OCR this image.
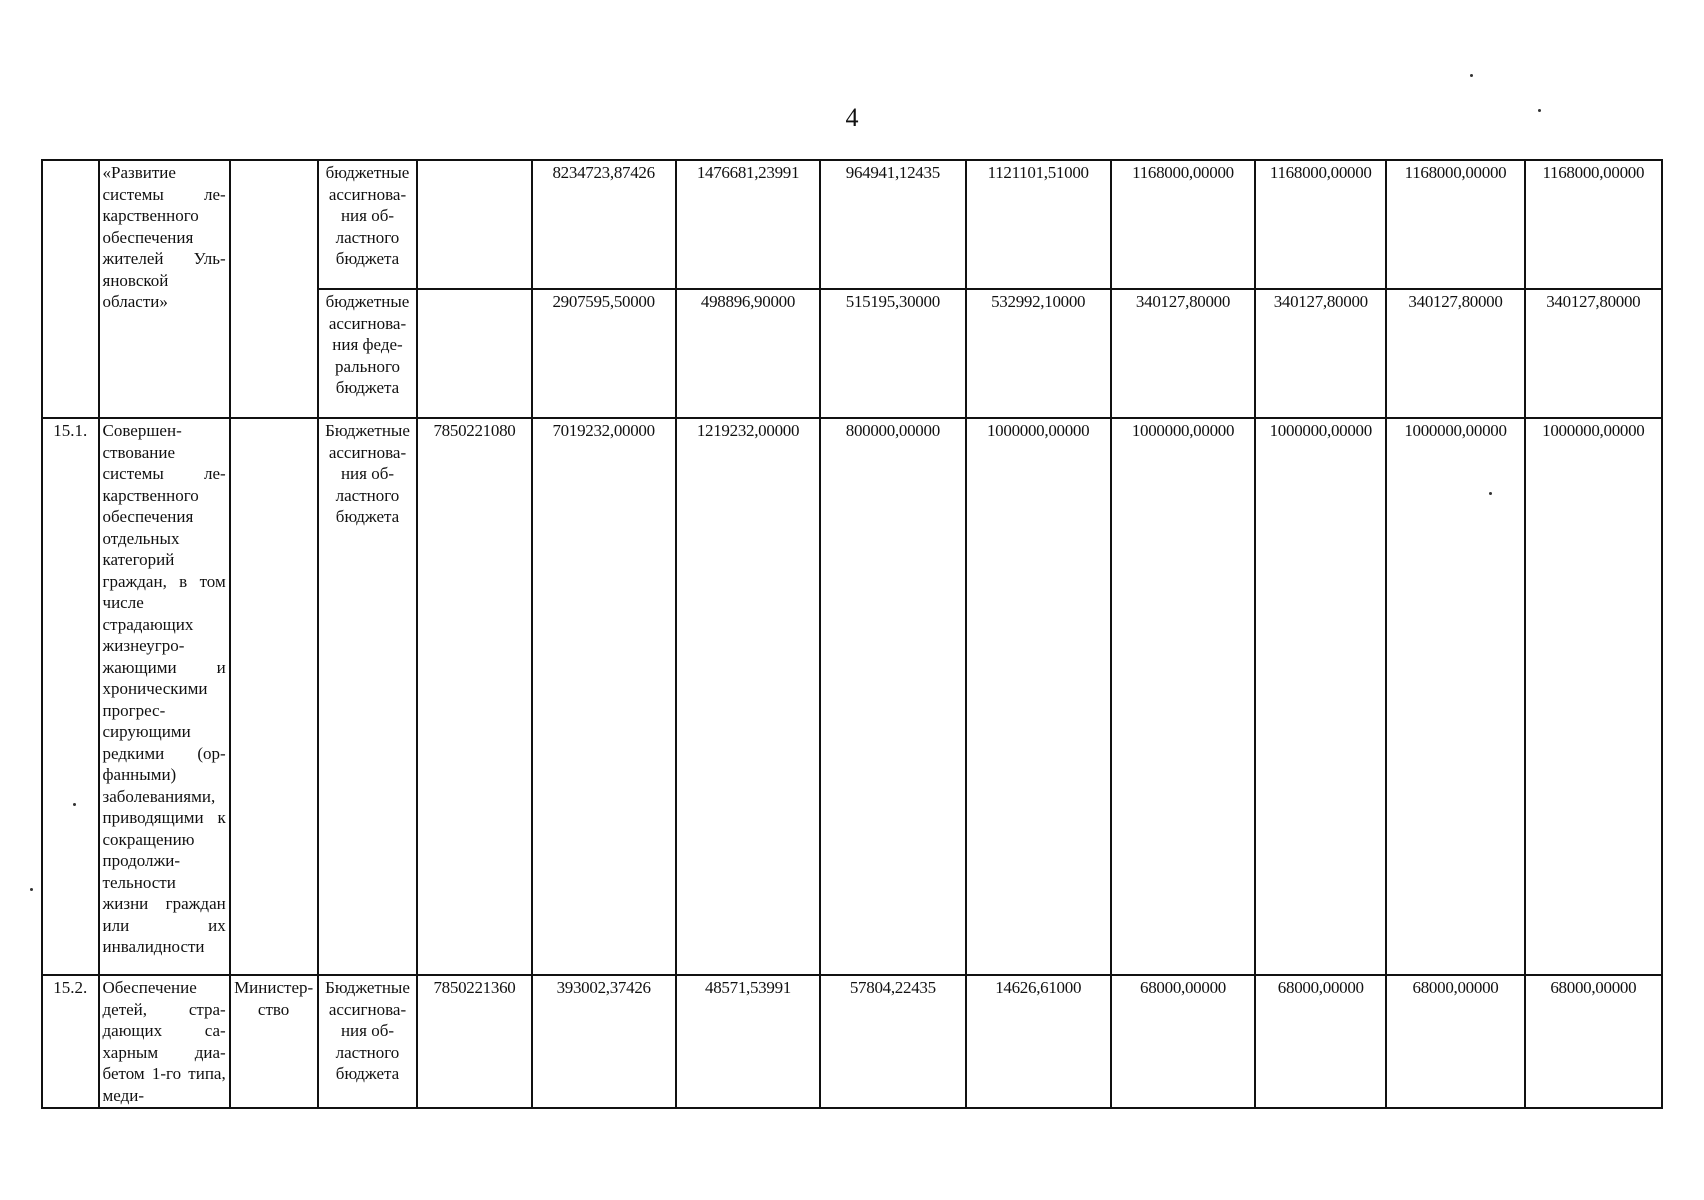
4
	«Развитие системы лекарственного обеспечения жителей Ульяновской области»		бюджетные ассигнования областного бюджета		8234723,87426	1476681,23991	964941,12435	1121101,51000	1168000,00000	1168000,00000	1168000,00000	1168000,00000
			бюджетные ассигнования федерального бюджета		2907595,50000	498896,90000	515195,30000	532992,10000	340127,80000	340127,80000	340127,80000	340127,80000
15.1.	Совершенствование системы лекарственного обеспечения отдельных категорий граждан, в том числе страдающих жизнеугрожающими и хроническими прогрессирующими редкими (орфанными) заболеваниями, приводящими к сокращению продолжительности жизни граждан или их инвалидности		Бюджетные ассигнования областного бюджета	7850221080	7019232,00000	1219232,00000	800000,00000	1000000,00000	1000000,00000	1000000,00000	1000000,00000	1000000,00000
15.2.	Обеспечение детей, страдающих сахарным диабетом 1-го типа, меди-	Министерство	Бюджетные ассигнования областного бюджета	7850221360	393002,37426	48571,53991	57804,22435	14626,61000	68000,00000	68000,00000	68000,00000	68000,00000
